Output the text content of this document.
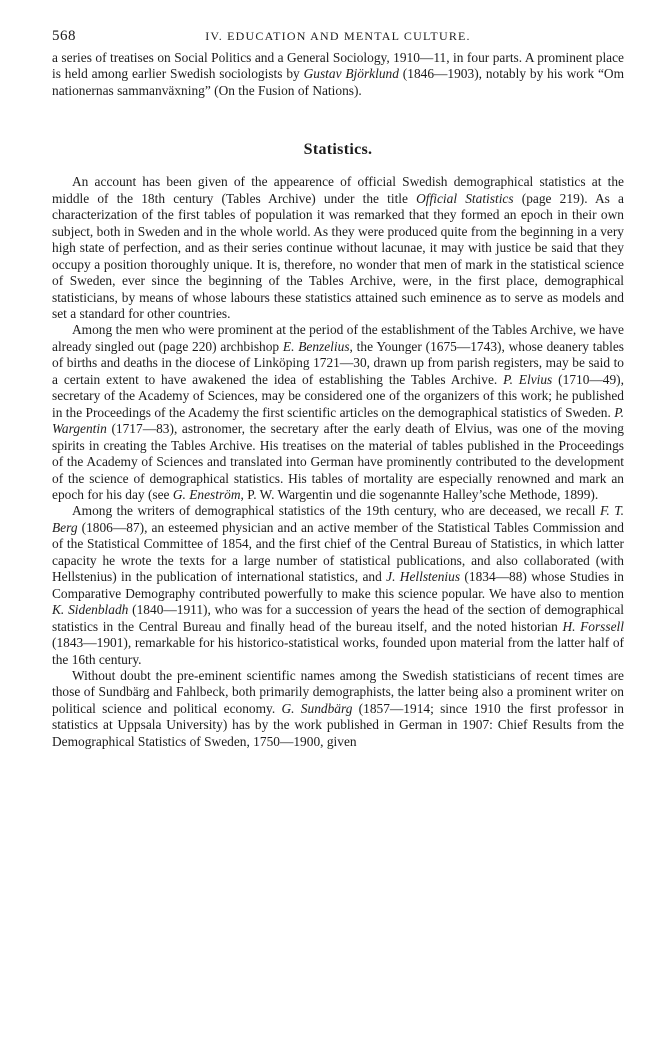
568	IV. EDUCATION AND MENTAL CULTURE.

a series of treatises on Social Politics and a General Sociology, 1910—11, in four parts. A prominent place is held among earlier Swedish sociologists by Gustav Björklund (1846—1903), notably by his work “Om nationernas sammanväxning” (On the Fusion of Nations).

Statistics.

An account has been given of the appearence of official Swedish demographical statistics at the middle of the 18th century (Tables Archive) under the title Official Statistics (page 219). As a characterization of the first tables of population it was remarked that they formed an epoch in their own subject, both in Sweden and in the whole world. As they were produced quite from the beginning in a very high state of perfection, and as their series continue without lacunae, it may with justice be said that they occupy a position thoroughly unique. It is, therefore, no wonder that men of mark in the statistical science of Sweden, ever since the beginning of the Tables Archive, were, in the first place, demographical statisticians, by means of whose labours these statistics attained such eminence as to serve as models and set a standard for other countries.

Among the men who were prominent at the period of the establishment of the Tables Archive, we have already singled out (page 220) archbishop E. Benzelius, the Younger (1675—1743), whose deanery tables of births and deaths in the diocese of Linköping 1721—30, drawn up from parish registers, may be said to a certain extent to have awakened the idea of establishing the Tables Archive. P. Elvius (1710—49), secretary of the Academy of Sciences, may be considered one of the organizers of this work; he published in the Proceedings of the Academy the first scientific articles on the demographical statistics of Sweden. P. Wargentin (1717—83), astronomer, the secretary after the early death of Elvius, was one of the moving spirits in creating the Tables Archive. His treatises on the material of tables published in the Proceedings of the Academy of Sciences and translated into German have prominently contributed to the development of the science of demographical statistics. His tables of mortality are especially renowned and mark an epoch for his day (see G. Eneström, P. W. Wargentin und die sogenannte Halley’sche Methode, 1899).

Among the writers of demographical statistics of the 19th century, who are deceased, we recall F. T. Berg (1806—87), an esteemed physician and an active member of the Statistical Tables Commission and of the Statistical Committee of 1854, and the first chief of the Central Bureau of Statistics, in which latter capacity he wrote the texts for a large number of statistical publications, and also collaborated (with Hellstenius) in the publication of international statistics, and J. Hellstenius (1834—88) whose Studies in Comparative Demography contributed powerfully to make this science popular. We have also to mention K. Sidenbladh (1840—1911), who was for a succession of years the head of the section of demographical statistics in the Central Bureau and finally head of the bureau itself, and the noted historian H. Forssell (1843—1901), remarkable for his historico-statistical works, founded upon material from the latter half of the 16th century.

Without doubt the pre-eminent scientific names among the Swedish statisticians of recent times are those of Sundbärg and Fahlbeck, both primarily demographists, the latter being also a prominent writer on political science and political economy. G. Sundbärg (1857—1914; since 1910 the first professor in statistics at Uppsala University) has by the work published in German in 1907: Chief Results from the Demographical Statistics of Sweden, 1750—1900, given
